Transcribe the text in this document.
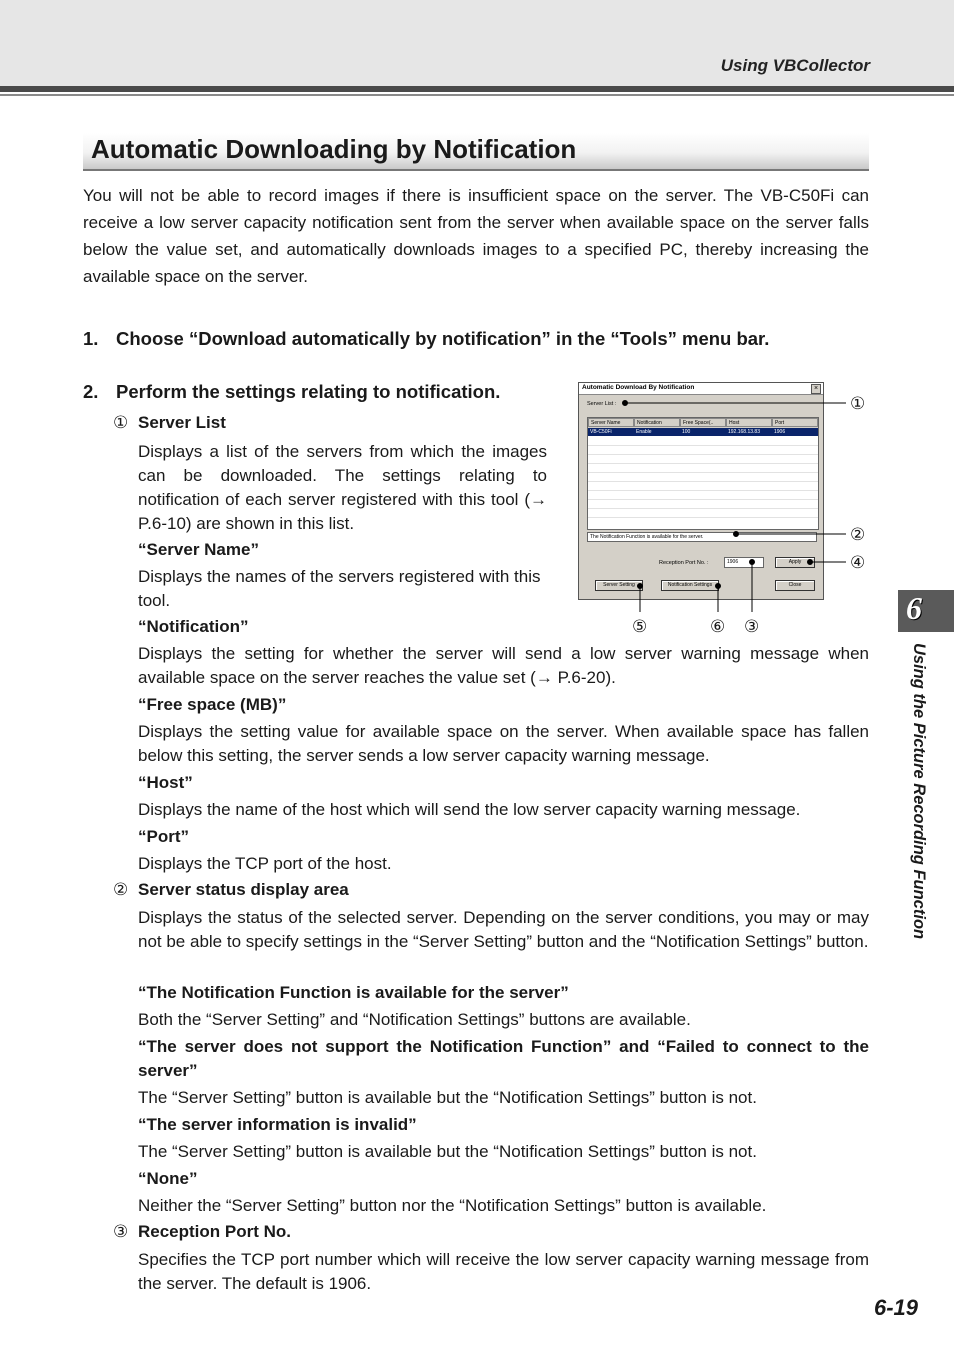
Using VBCollector
Automatic Downloading by Notification

You will not be able to record images if there is insufficient space on the server. The VB-C50Fi can receive a low server capacity notification sent from the server when available space on the server falls below the value set, and automatically downloads images to a specified PC, thereby increasing the available space on the server.

1. Choose “Download automatically by notification” in the “Tools” menu bar.
2. Perform the settings relating to notification.
① Server List

Displays a list of the servers from which the images can be downloaded. The settings relating to notification of each server registered with this tool (→ P.6-10) are shown in this list.

“Server Name”

Displays the names of the servers registered with this tool.

“Notification”

Displays the setting for whether the server will send a low server warning message when available space on the server reaches the value set (→ P.6-20).

“Free space (MB)”

Displays the setting value for available space on the server. When available space has fallen below this setting, the server sends a low server capacity warning message.

“Host”

Displays the name of the host which will send the low server capacity warning message.

“Port”

Displays the TCP port of the host.

② Server status display area

Displays the status of the selected server. Depending on the server conditions, you may or may not be able to specify settings in the “Server Setting” button and the “Notification Settings” button.

“The Notification Function is available for the server”

Both the “Server Setting” and “Notification Settings” buttons are available.

“The server does not support the Notification Function” and “Failed to connect to the server”

The “Server Setting” button is available but the “Notification Settings” button is not.

“The server information is invalid”

The “Server Setting” button is available but the “Notification Settings” button is not.

“None”

Neither the “Server Setting” button nor the “Notification Settings” button is available.

③ Reception Port No.

Specifies the TCP port number which will receive the low server capacity warning message from the server. The default is 1906.

Automatic Download By Notification	×
Server List :
Server Name	Notification	Free Space(..	Host	Port
VB-C50Fi	Enable	100	192.168.13.83	1906
The Notification Function is available for the server.
Reception Port No. :	1906	Apply
Server Setting	Notification Settings	Close
①
②
④
⑤	⑥ ③
6
Using the Picture Recording Function
6-19
